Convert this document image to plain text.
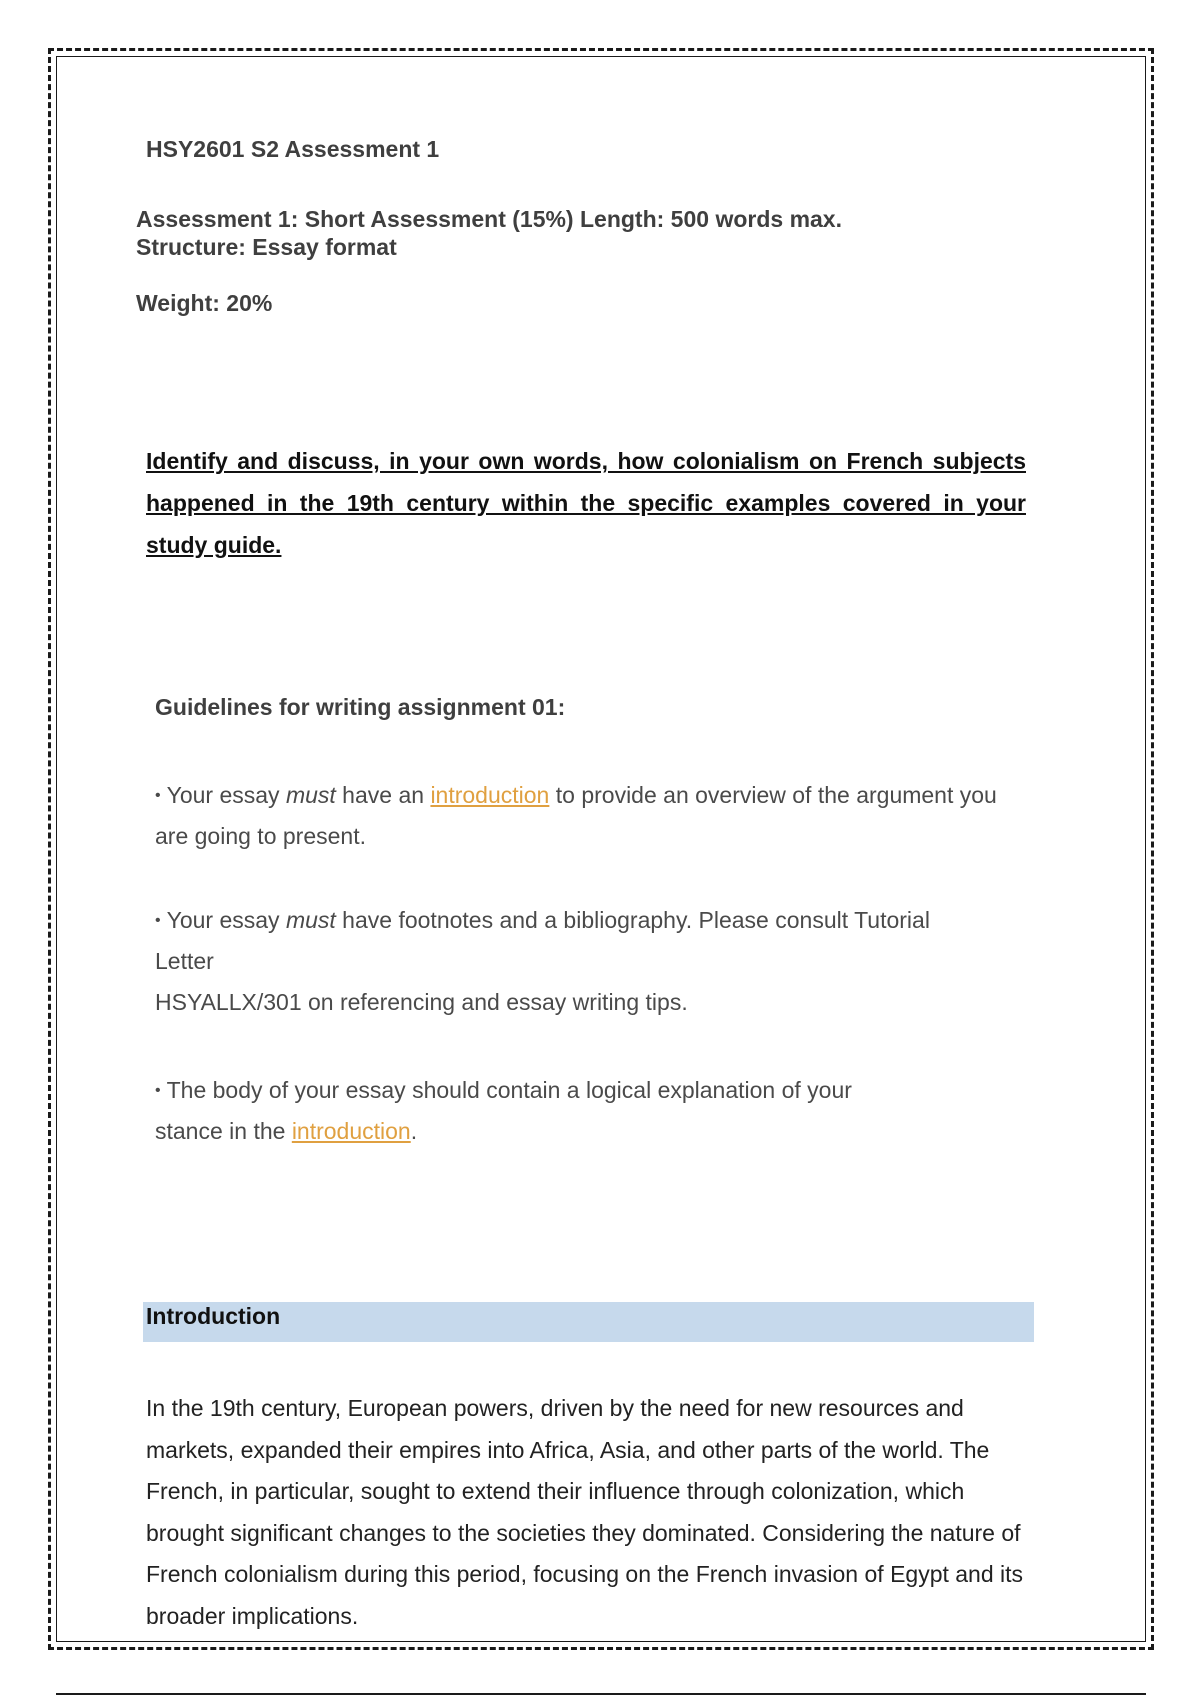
HSY2601 S2 Assessment 1

Assessment 1: Short Assessment (15%) Length: 500 words max.
Structure: Essay format

Weight: 20%

Identify and discuss, in your own words, how colonialism on French subjects happened in the 19th century within the specific examples covered in your study guide.

Guidelines for writing assignment 01:

• Your essay must have an introduction to provide an overview of the argument you are going to present.

• Your essay must have footnotes and a bibliography. Please consult Tutorial
Letter
HSYALLX/301 on referencing and essay writing tips.
• The body of your essay should contain a logical explanation of your
stance in the introduction.

Introduction

In the 19th century, European powers, driven by the need for new resources and markets, expanded their empires into Africa, Asia, and other parts of the world. The French, in particular, sought to extend their influence through colonization, which brought significant changes to the societies they dominated. Considering the nature of French colonialism during this period, focusing on the French invasion of Egypt and its broader implications.
